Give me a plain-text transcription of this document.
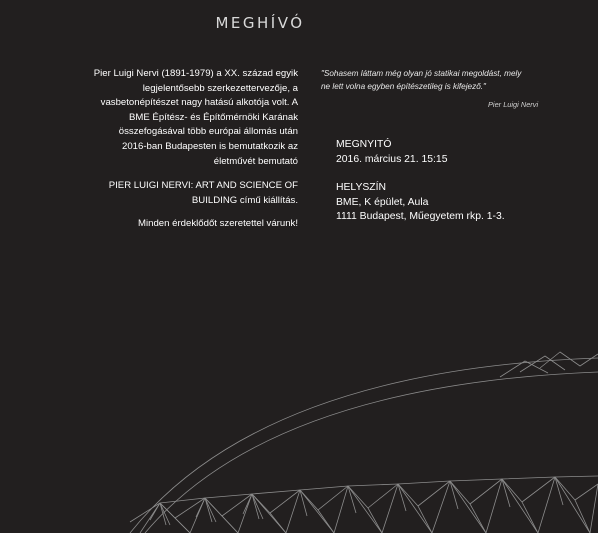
MEGHÍVÓ

Pier Luigi Nervi (1891-1979) a XX. század egyik
legjelentősebb szerkezettervezője, a
vasbetonépítészet nagy hatású alkotója volt. A
BME Építész- és Építőmérnöki Karának
összefogásával több európai állomás után
2016-ban Budapesten is bemutatkozik az
életművét bemutató

PIER LUIGI NERVI: ART AND SCIENCE OF
BUILDING című kiállítás.

Minden érdeklődőt szeretettel várunk!

"Sohasem láttam még olyan jó statikai megoldást, mely
ne lett volna egyben építészetileg is kifejező."
Pier Luigi Nervi
MEGNYITÓ
2016. március 21. 15:15
HELYSZÍN
BME, K épület, Aula
1111 Budapest, Műegyetem rkp. 1-3.
